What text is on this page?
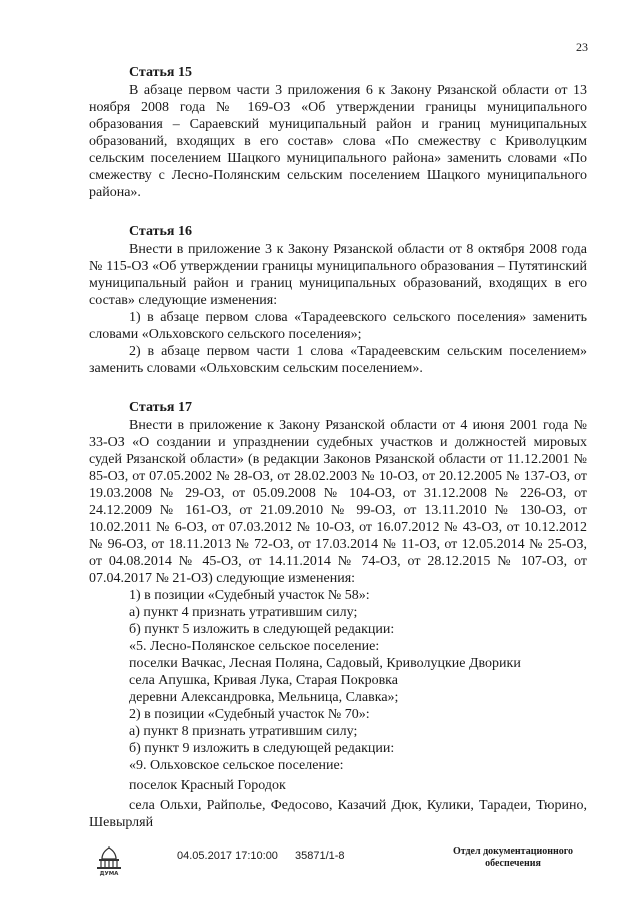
23
Статья 15

В абзаце первом части 3 приложения 6 к Закону Рязанской области от 13 ноября 2008 года № 169-ОЗ «Об утверждении границы муниципального образования – Сараевский муниципальный район и границ муниципальных образований, входящих в его состав» слова «По смежеству с Криволуцким сельским поселением Шацкого муниципального района» заменить словами «По смежеству с Лесно-Полянским сельским поселением Шацкого муниципального района».

Статья 16

Внести в приложение 3 к Закону Рязанской области от 8 октября 2008 года № 115-ОЗ «Об утверждении границы муниципального образования – Путятинский муниципальный район и границ муниципальных образований, входящих в его состав» следующие изменения:

1) в абзаце первом слова «Тарадеевского сельского поселения» заменить словами «Ольховского сельского поселения»;

2) в абзаце первом части 1 слова «Тарадеевским сельским поселением» заменить словами «Ольховским сельским поселением».

Статья 17

Внести в приложение к Закону Рязанской области от 4 июня 2001 года № 33-ОЗ «О создании и упразднении судебных участков и должностей мировых судей Рязанской области» (в редакции Законов Рязанской области от 11.12.2001 № 85-ОЗ, от 07.05.2002 № 28-ОЗ, от 28.02.2003 № 10-ОЗ, от 20.12.2005 № 137-ОЗ, от 19.03.2008 № 29-ОЗ, от 05.09.2008 № 104-ОЗ, от 31.12.2008 № 226-ОЗ, от 24.12.2009 № 161-ОЗ, от 21.09.2010 № 99-ОЗ, от 13.11.2010 № 130-ОЗ, от 10.02.2011 № 6-ОЗ, от 07.03.2012 № 10-ОЗ, от 16.07.2012 № 43-ОЗ, от 10.12.2012 № 96-ОЗ, от 18.11.2013 № 72-ОЗ, от 17.03.2014 № 11-ОЗ, от 12.05.2014 № 25-ОЗ, от 04.08.2014 № 45-ОЗ, от 14.11.2014 № 74-ОЗ, от 28.12.2015 № 107-ОЗ, от 07.04.2017 № 21-ОЗ) следующие изменения:

1) в позиции «Судебный участок № 58»:
а) пункт 4 признать утратившим силу;
б) пункт 5 изложить в следующей редакции:
«5. Лесно-Полянское сельское поселение:
поселки Вачкас, Лесная Поляна, Садовый, Криволуцкие Дворики
села Апушка, Кривая Лука, Старая Покровка
деревни Александровка, Мельница, Славка»;
2) в позиции «Судебный участок № 70»:
а) пункт 8 признать утратившим силу;
б) пункт 9 изложить в следующей редакции:
«9. Ольховское сельское поселение:
поселок Красный Городок

села Ольхи, Райполье, Федосово, Казачий Дюк, Кулики, Тарадеи, Тюрино, Шевырляй

ДУМА
04.05.2017 17:10:00 35871/1-8	Отдел документационного
обеспечения
